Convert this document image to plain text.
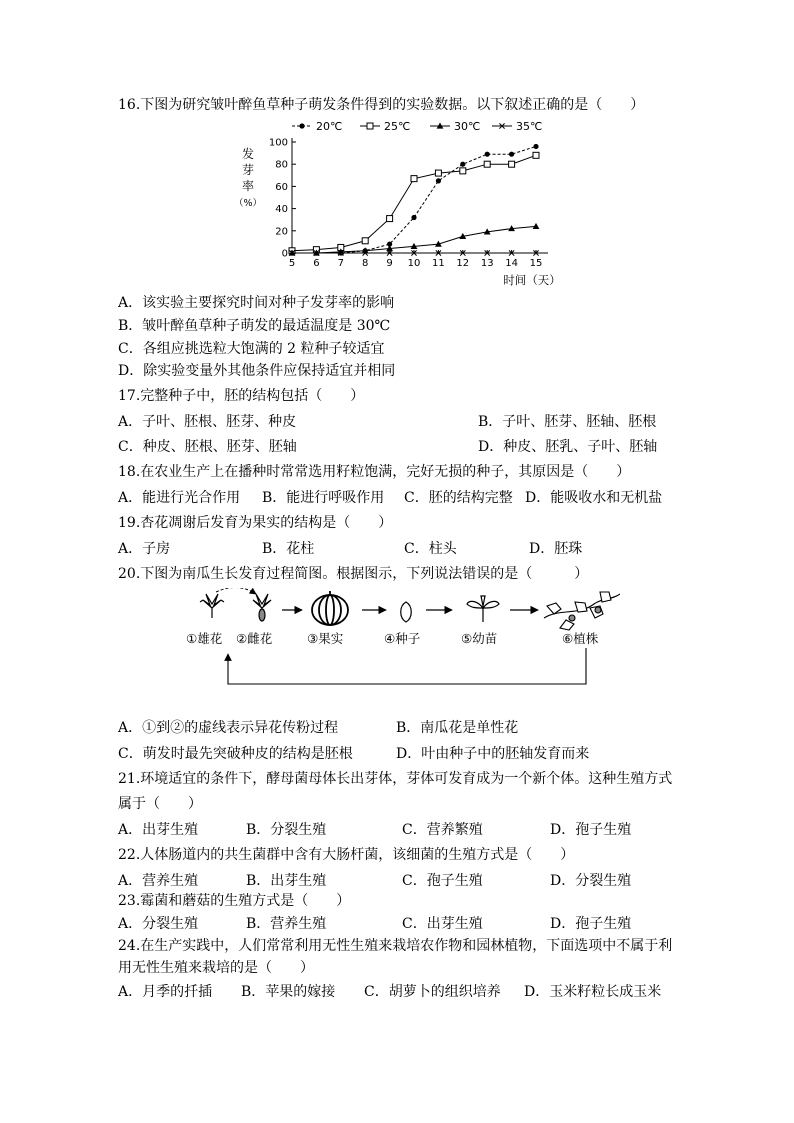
16.下图为研究皱叶醉鱼草种子萌发条件得到的实验数据。以下叙述正确的是（　　）
0
20
40
60
80
100
5 6 7 8 9 10 11 12 13 14 15
时间（天）
发
芽
率
（%）
20℃	25℃	30℃	35℃
A．该实验主要探究时间对种子发芽率的影响
B．皱叶醉鱼草种子萌发的最适温度是 30℃
C．各组应挑选粒大饱满的 2 粒种子较适宜
D．除实验变量外其他条件应保持适宜并相同
17.完整种子中，胚的结构包括（　　）
A．子叶、胚根、胚芽、种皮	B．子叶、胚芽、胚轴、胚根
C．种皮、胚根、胚芽、胚轴	D．种皮、胚乳、子叶、胚轴
18.在农业生产上在播种时常常选用籽粒饱满，完好无损的种子，其原因是（　　）
A．能进行光合作用 B．能进行呼吸作用 C．胚的结构完整 D．能吸收水和无机盐
19.杏花凋谢后发育为果实的结构是（　　）
A．子房	B．花柱	C．柱头	D．胚珠
20.下图为南瓜生长发育过程简图。根据图示，下列说法错误的是（　　　）
①雄花 ②雌花	③果实	④种子	⑤幼苗	⑥植株
A．①到②的虚线表示异花传粉过程	B．南瓜花是单性花
C．萌发时最先突破种皮的结构是胚根	D．叶由种子中的胚轴发育而来
21.环境适宜的条件下，酵母菌母体长出芽体，芽体可发育成为一个新个体。这种生殖方式
属于（　　）
A．出芽生殖	B．分裂生殖	C．营养繁殖	D．孢子生殖
22.人体肠道内的共生菌群中含有大肠杆菌，该细菌的生殖方式是（　　）
A．营养生殖	B．出芽生殖	C．孢子生殖	D．分裂生殖
23.霉菌和蘑菇的生殖方式是（　　）
A．分裂生殖	B．营养生殖	C．出芽生殖	D．孢子生殖
24.在生产实践中，人们常常利用无性生殖来栽培农作物和园林植物，下面选项中不属于利
用无性生殖来栽培的是（　　）
A．月季的扦插 B．苹果的嫁接 C．胡萝卜的组织培养 D．玉米籽粒长成玉米
